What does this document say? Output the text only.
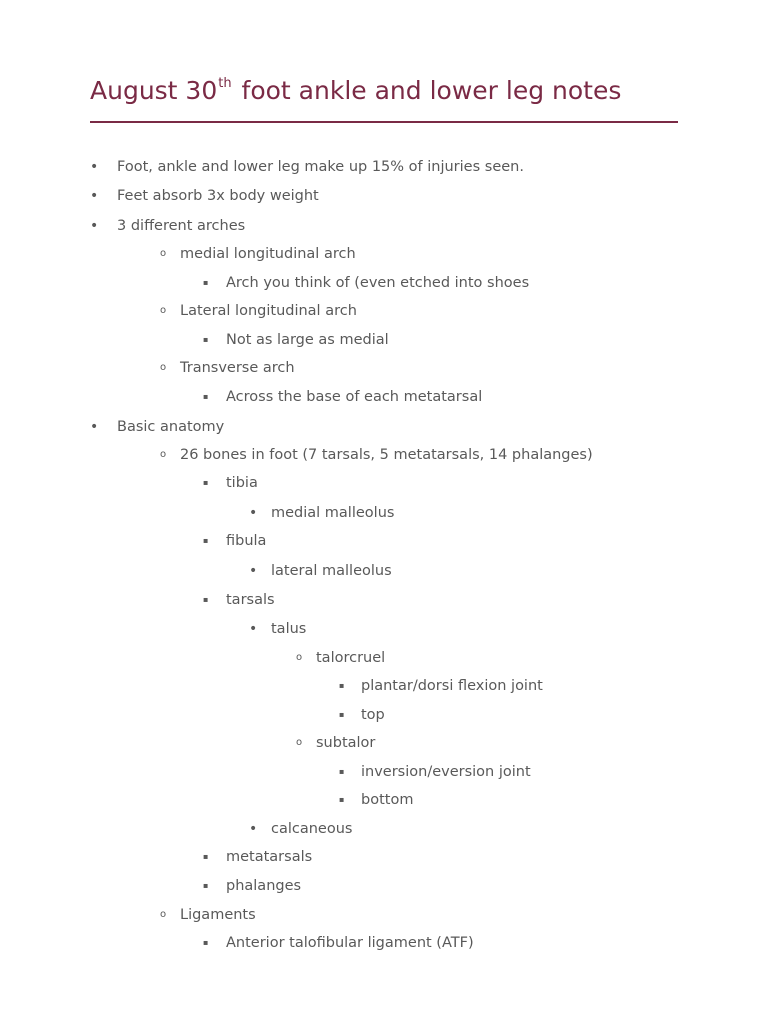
August 30th foot ankle and lower leg notes
• Foot, ankle and lower leg make up 15% of injuries seen.
• Feet absorb 3x body weight
• 3 different arches
o medial longitudinal arch
▪ Arch you think of (even etched into shoes
o Lateral longitudinal arch
▪ Not as large as medial
o Transverse arch
▪ Across the base of each metatarsal
• Basic anatomy
o 26 bones in foot (7 tarsals, 5 metatarsals, 14 phalanges)
▪ tibia
• medial malleolus
▪ fibula
• lateral malleolus
▪ tarsals
• talus
o talorcruel
▪ plantar/dorsi flexion joint
▪ top
o subtalor
▪ inversion/eversion joint
▪ bottom
• calcaneous
▪ metatarsals
▪ phalanges
o Ligaments
▪ Anterior talofibular ligament (ATF)
